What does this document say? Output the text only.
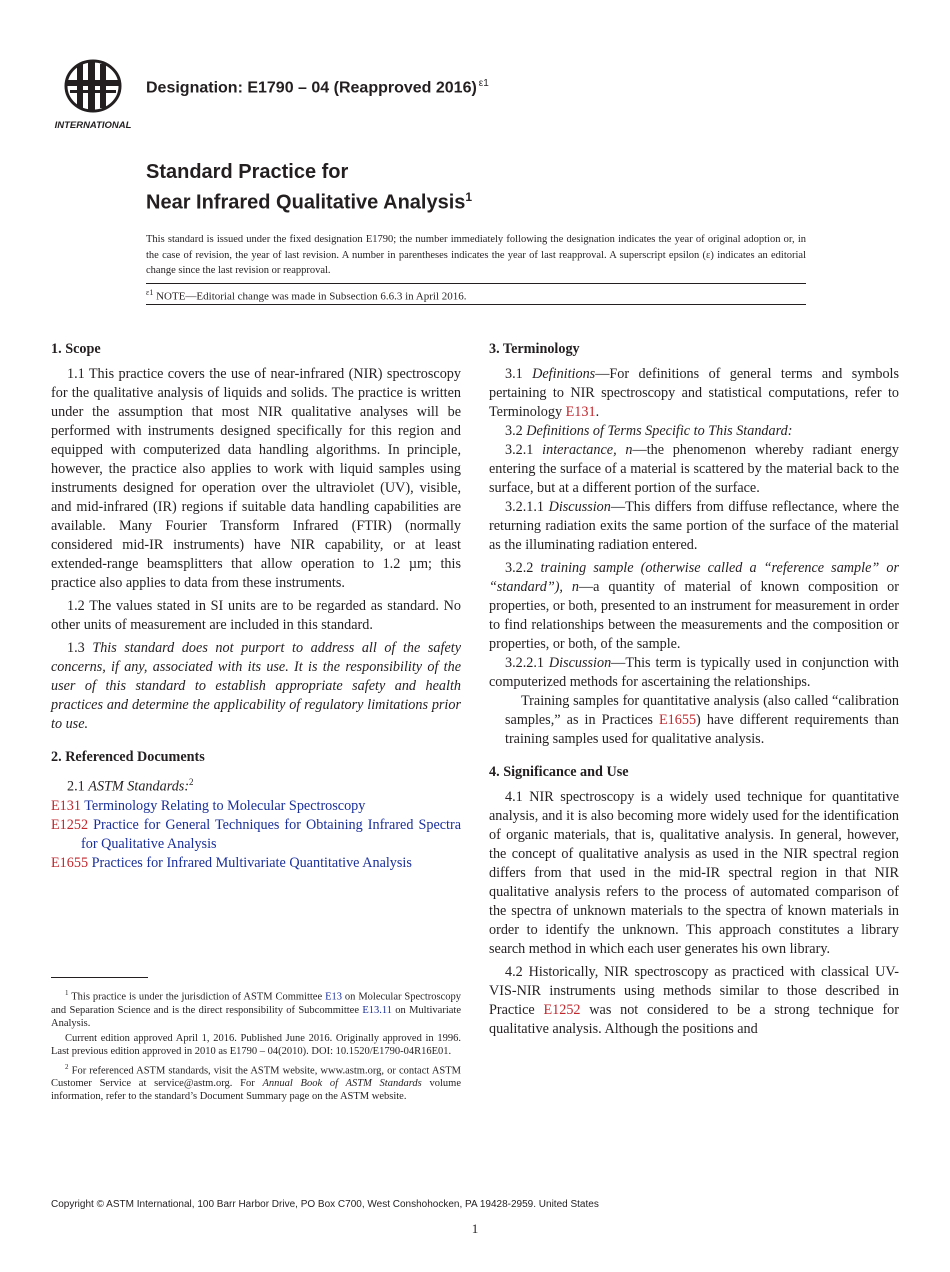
INTERNATIONAL
Designation: E1790 – 04 (Reapproved 2016) $^{\varepsilon 1}$
Standard Practice for
Near Infrared Qualitative Analysis$^1$
This standard is issued under the fixed designation E1790; the number immediately following the designation indicates the year of original adoption or, in the case of revision, the year of last revision. A number in parentheses indicates the year of last reapproval. A superscript epsilon (ε) indicates an editorial change since the last revision or reapproval.
$^{\varepsilon 1}$ NOTE—Editorial change was made in Subsection 6.6.3 in April 2016.
1. Scope

1.1 This practice covers the use of near-infrared (NIR) spectroscopy for the qualitative analysis of liquids and solids. The practice is written under the assumption that most NIR qualitative analyses will be performed with instruments designed specifically for this region and equipped with computerized data handling algorithms. In principle, however, the practice also applies to work with liquid samples using instruments designed for operation over the ultraviolet (UV), visible, and mid-infrared (IR) regions if suitable data handling capabilities are available. Many Fourier Transform Infrared (FTIR) (normally considered mid-IR instruments) have NIR capability, or at least extended-range beamsplitters that allow operation to 1.2 µm; this practice also applies to data from these instruments.

1.2 The values stated in SI units are to be regarded as standard. No other units of measurement are included in this standard.

1.3 This standard does not purport to address all of the safety concerns, if any, associated with its use. It is the responsibility of the user of this standard to establish appropriate safety and health practices and determine the applicability of regulatory limitations prior to use.

2. Referenced Documents

2.1 ASTM Standards:$^2$

E131 Terminology Relating to Molecular Spectroscopy
E1252 Practice for General Techniques for Obtaining Infrared Spectra for Qualitative Analysis
E1655 Practices for Infrared Multivariate Quantitative Analysis

$^1$ This practice is under the jurisdiction of ASTM Committee E13 on Molecular Spectroscopy and Separation Science and is the direct responsibility of Subcommittee E13.11 on Multivariate Analysis.

Current edition approved April 1, 2016. Published June 2016. Originally approved in 1996. Last previous edition approved in 2010 as E1790 – 04(2010). DOI: 10.1520/E1790-04R16E01.

$^2$ For referenced ASTM standards, visit the ASTM website, www.astm.org, or contact ASTM Customer Service at service@astm.org. For Annual Book of ASTM Standards volume information, refer to the standard’s Document Summary page on the ASTM website.

3. Terminology

3.1 Definitions—For definitions of general terms and symbols pertaining to NIR spectroscopy and statistical computations, refer to Terminology E131.

3.2 Definitions of Terms Specific to This Standard:

3.2.1 interactance, n—the phenomenon whereby radiant energy entering the surface of a material is scattered by the material back to the surface, but at a different portion of the surface.

3.2.1.1 Discussion—This differs from diffuse reflectance, where the returning radiation exits the same portion of the surface of the material as the illuminating radiation entered.

3.2.2 training sample (otherwise called a “reference sample” or “standard”), n—a quantity of material of known composition or properties, or both, presented to an instrument for measurement in order to find relationships between the measurements and the composition or properties, or both, of the sample.

3.2.2.1 Discussion—This term is typically used in conjunction with computerized methods for ascertaining the relationships.

Training samples for quantitative analysis (also called “calibration samples,” as in Practices E1655) have different requirements than training samples used for qualitative analysis.
4. Significance and Use

4.1 NIR spectroscopy is a widely used technique for quantitative analysis, and it is also becoming more widely used for the identification of organic materials, that is, qualitative analysis. In general, however, the concept of qualitative analysis as used in the NIR spectral region differs from that used in the mid-IR spectral region in that NIR qualitative analysis refers to the process of automated comparison of the spectra of unknown materials to the spectra of known materials in order to identify the unknown. This approach constitutes a library search method in which each user generates his own library.

4.2 Historically, NIR spectroscopy as practiced with classical UV-VIS-NIR instruments using methods similar to those described in Practice E1252 was not considered to be a strong technique for qualitative analysis. Although the positions and

Copyright © ASTM International, 100 Barr Harbor Drive, PO Box C700, West Conshohocken, PA 19428-2959. United States
1
